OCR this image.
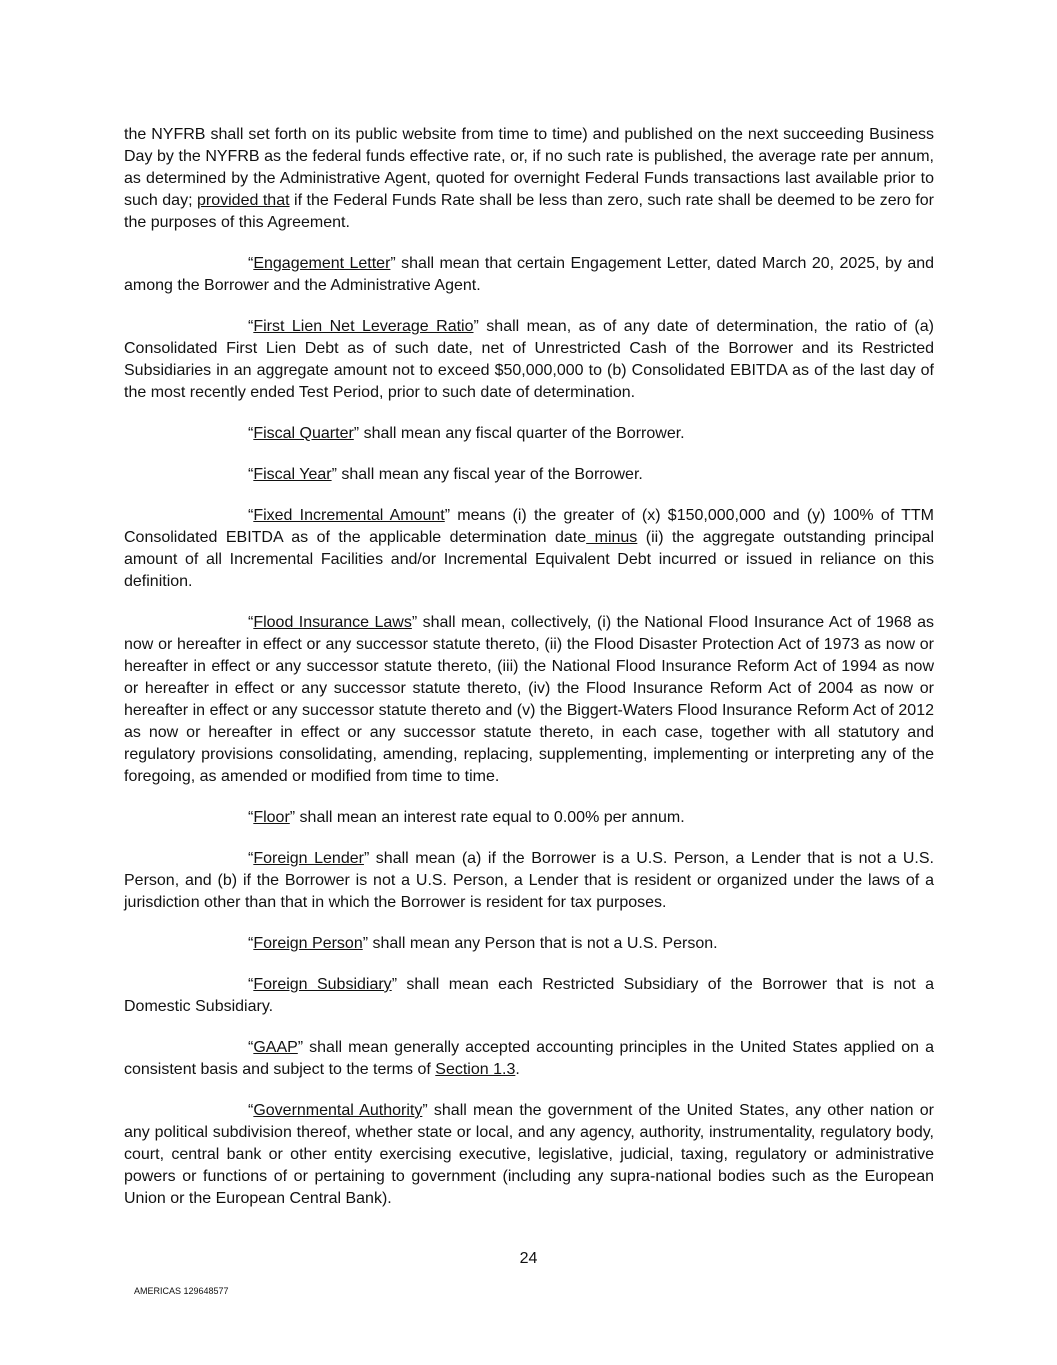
the NYFRB shall set forth on its public website from time to time) and published on the next succeeding Business Day by the NYFRB as the federal funds effective rate, or, if no such rate is published, the average rate per annum, as determined by the Administrative Agent, quoted for overnight Federal Funds transactions last available prior to such day; provided that if the Federal Funds Rate shall be less than zero, such rate shall be deemed to be zero for the purposes of this Agreement.

“Engagement Letter” shall mean that certain Engagement Letter, dated March 20, 2025, by and among the Borrower and the Administrative Agent.

“First Lien Net Leverage Ratio” shall mean, as of any date of determination, the ratio of (a) Consolidated First Lien Debt as of such date, net of Unrestricted Cash of the Borrower and its Restricted Subsidiaries in an aggregate amount not to exceed $50,000,000 to (b) Consolidated EBITDA as of the last day of the most recently ended Test Period, prior to such date of determination.

“Fiscal Quarter” shall mean any fiscal quarter of the Borrower.

“Fiscal Year” shall mean any fiscal year of the Borrower.

“Fixed Incremental Amount” means (i) the greater of (x) $150,000,000 and (y) 100% of TTM Consolidated EBITDA as of the applicable determination date minus (ii) the aggregate outstanding principal amount of all Incremental Facilities and/or Incremental Equivalent Debt incurred or issued in reliance on this definition.

“Flood Insurance Laws” shall mean, collectively, (i) the National Flood Insurance Act of 1968 as now or hereafter in effect or any successor statute thereto, (ii) the Flood Disaster Protection Act of 1973 as now or hereafter in effect or any successor statute thereto, (iii) the National Flood Insurance Reform Act of 1994 as now or hereafter in effect or any successor statute thereto, (iv) the Flood Insurance Reform Act of 2004 as now or hereafter in effect or any successor statute thereto and (v) the Biggert-Waters Flood Insurance Reform Act of 2012 as now or hereafter in effect or any successor statute thereto, in each case, together with all statutory and regulatory provisions consolidating, amending, replacing, supplementing, implementing or interpreting any of the foregoing, as amended or modified from time to time.

“Floor” shall mean an interest rate equal to 0.00% per annum.

“Foreign Lender” shall mean (a) if the Borrower is a U.S. Person, a Lender that is not a U.S. Person, and (b) if the Borrower is not a U.S. Person, a Lender that is resident or organized under the laws of a jurisdiction other than that in which the Borrower is resident for tax purposes.

“Foreign Person” shall mean any Person that is not a U.S. Person.

“Foreign Subsidiary” shall mean each Restricted Subsidiary of the Borrower that is not a Domestic Subsidiary.

“GAAP” shall mean generally accepted accounting principles in the United States applied on a consistent basis and subject to the terms of Section 1.3.

“Governmental Authority” shall mean the government of the United States, any other nation or any political subdivision thereof, whether state or local, and any agency, authority, instrumentality, regulatory body, court, central bank or other entity exercising executive, legislative, judicial, taxing, regulatory or administrative powers or functions of or pertaining to government (including any supra-national bodies such as the European Union or the European Central Bank).

24
AMERICAS 129648577
